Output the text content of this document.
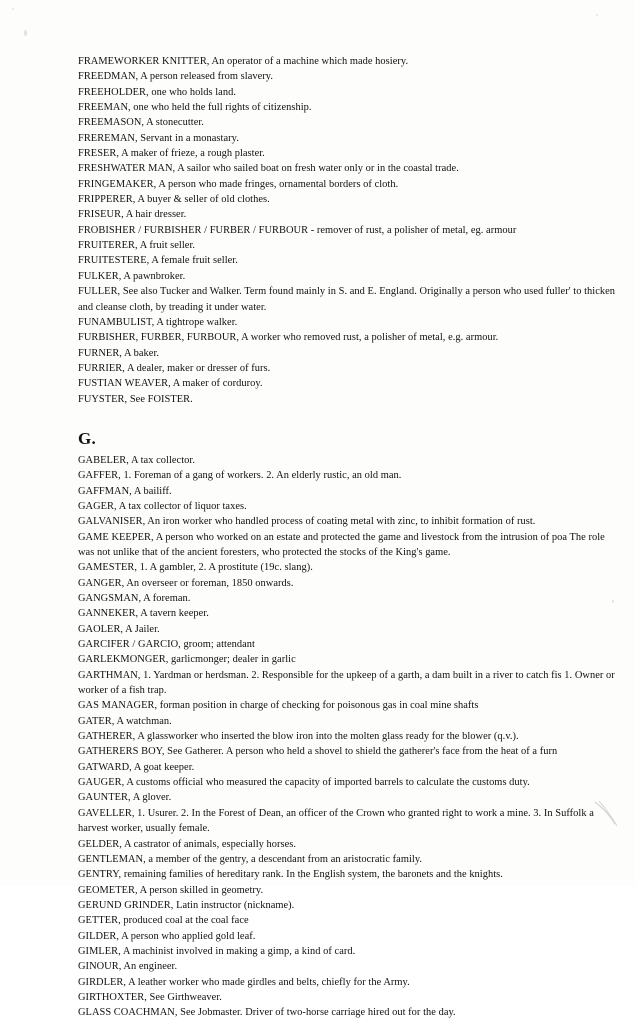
FRAMEWORKER KNITTER, An operator of a machine which made hosiery.

FREEDMAN, A person released from slavery.

FREEHOLDER, one who holds land.

FREEMAN, one who held the full rights of citizenship.

FREEMASON, A stonecutter.

FREREMAN, Servant in a monastary.

FRESER, A maker of frieze, a rough plaster.

FRESHWATER MAN, A sailor who sailed boat on fresh water only or in the coastal trade.

FRINGEMAKER, A person who made fringes, ornamental borders of cloth.

FRIPPERER, A buyer & seller of old clothes.

FRISEUR, A hair dresser.

FROBISHER / FURBISHER / FURBER / FURBOUR - remover of rust, a polisher of metal, eg. armour

FRUITERER, A fruit seller.

FRUITESTERE, A female fruit seller.

FULKER, A pawnbroker.

FULLER, See also Tucker and Walker. Term found mainly in S. and E. England. Originally a person who used fuller' to thicken and cleanse cloth, by treading it under water.

FUNAMBULIST, A tightrope walker.

FURBISHER, FURBER, FURBOUR, A worker who removed rust, a polisher of metal, e.g. armour.

FURNER, A baker.

FURRIER, A dealer, maker or dresser of furs.

FUSTIAN WEAVER, A maker of corduroy.

FUYSTER, See FOISTER.

G.

GABELER, A tax collector.

GAFFER, 1. Foreman of a gang of workers. 2. An elderly rustic, an old man.

GAFFMAN, A bailiff.

GAGER, A tax collector of liquor taxes.

GALVANISER, An iron worker who handled process of coating metal with zinc, to inhibit formation of rust.

GAME KEEPER, A person who worked on an estate and protected the game and livestock from the intrusion of poa The role was not unlike that of the ancient foresters, who protected the stocks of the King's game.

GAMESTER, 1. A gambler, 2. A prostitute (19c. slang).

GANGER, An overseer or foreman, 1850 onwards.

GANGSMAN, A foreman.

GANNEKER, A tavern keeper.

GAOLER, A Jailer.

GARCIFER / GARCIO, groom; attendant

GARLEKMONGER, garlicmonger; dealer in garlic

GARTHMAN, 1. Yardman or herdsman. 2. Responsible for the upkeep of a garth, a dam built in a river to catch fis 1. Owner or worker of a fish trap.

GAS MANAGER, forman position in charge of checking for poisonous gas in coal mine shafts

GATER, A watchman.

GATHERER, A glassworker who inserted the blow iron into the molten glass ready for the blower (q.v.).

GATHERERS BOY, See Gatherer. A person who held a shovel to shield the gatherer's face from the heat of a furn

GATWARD, A goat keeper.

GAUGER, A customs official who measured the capacity of imported barrels to calculate the customs duty.

GAUNTER, A glover.

GAVELLER, 1. Usurer. 2. In the Forest of Dean, an officer of the Crown who granted right to work a mine. 3. In Suffolk a harvest worker, usually female.

GELDER, A castrator of animals, especially horses.

GENTLEMAN, a member of the gentry, a descendant from an aristocratic family.

GENTRY, remaining families of hereditary rank. In the English system, the baronets and the knights.

GEOMETER, A person skilled in geometry.

GERUND GRINDER, Latin instructor (nickname).

GETTER, produced coal at the coal face

GILDER, A person who applied gold leaf.

GIMLER, A machinist involved in making a gimp, a kind of card.

GINOUR, An engineer.

GIRDLER, A leather worker who made girdles and belts, chiefly for the Army.

GIRTHOXTER, See Girthweaver.

GLASS COACHMAN, See Jobmaster. Driver of two-horse carriage hired out for the day.
